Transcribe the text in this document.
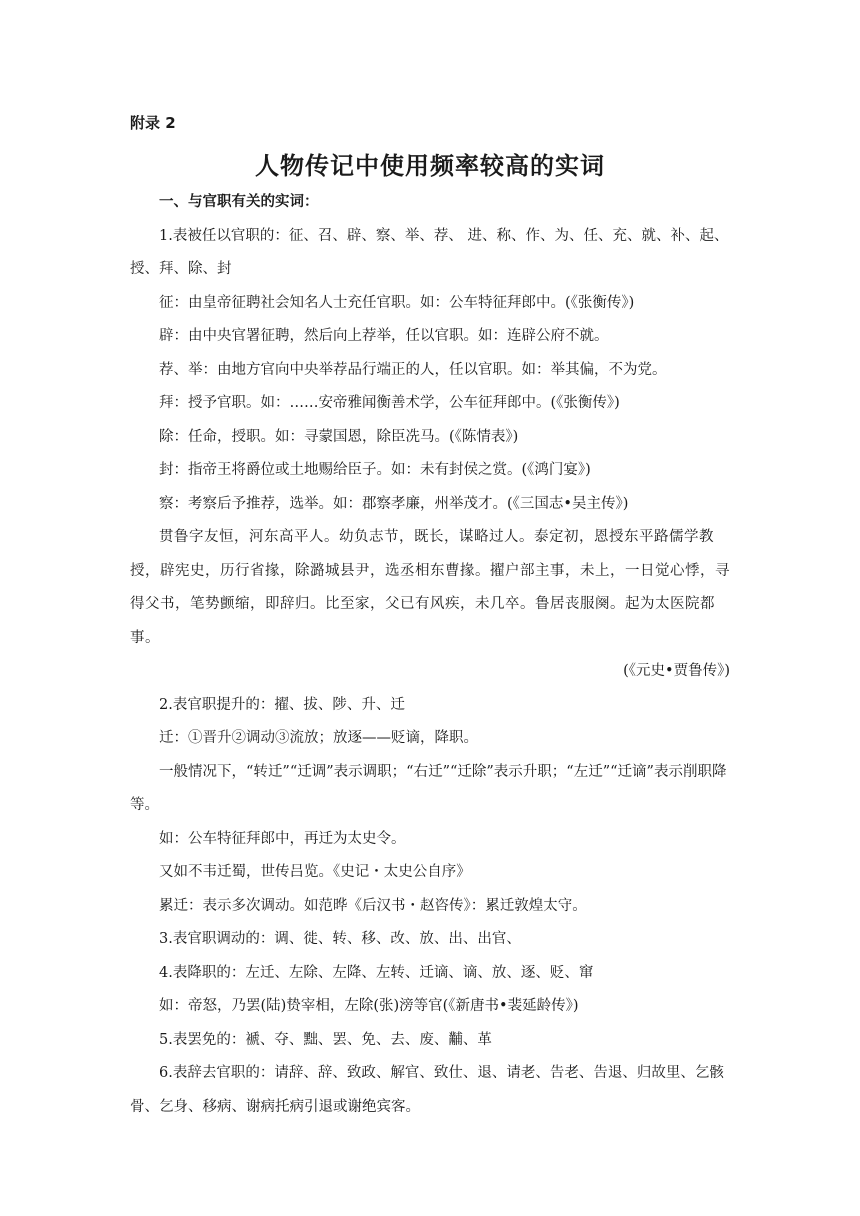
附录 2
人物传记中使用频率较高的实词

一、与官职有关的实词：

1.表被任以官职的：征、召、辟、察、举、荐、 进、称、作、为、任、充、就、补、起、授、拜、除、封

征：由皇帝征聘社会知名人士充任官职。如：公车特征拜郎中。(《张衡传》)

辟：由中央官署征聘，然后向上荐举，任以官职。如：连辟公府不就。

荐、举：由地方官向中央举荐品行端正的人，任以官职。如：举其偏，不为党。

拜：授予官职。如：……安帝雅闻衡善术学，公车征拜郎中。(《张衡传》)

除：任命，授职。如：寻蒙国恩，除臣冼马。(《陈情表》)

封：指帝王将爵位或土地赐给臣子。如：未有封侯之赏。(《鸿门宴》)

察：考察后予推荐，选举。如：郡察孝廉，州举茂才。(《三国志•吴主传》)

贯鲁字友恒，河东高平人。幼负志节，既长，谋略过人。泰定初，恩授东平路儒学教授，辟宪史，历行省掾，除潞城县尹，选丞相东曹掾。擢户部主事，未上，一日觉心悸，寻得父书，笔势颤缩，即辞归。比至家，父已有风疾，未几卒。鲁居丧服阕。起为太医院都事。

(《元史•贾鲁传》)

2.表官职提升的：擢、拔、陟、升、迁

迁：①晋升②调动③流放；放逐——贬谪，降职。

一般情况下，“转迁”“迁调”表示调职；“右迁”“迁除”表示升职；“左迁”“迁谪”表示削职降等。

如：公车特征拜郎中，再迁为太史令。

又如不韦迁蜀，世传吕览。《史记・太史公自序》

累迁：表示多次调动。如范晔《后汉书・赵咨传》：累迁敦煌太守。

3.表官职调动的：调、徙、转、移、改、放、出、出官、

4.表降职的：左迁、左除、左降、左转、迁谪、谪、放、逐、贬、窜

如：帝怒，乃罢(陆)贽宰相，左除(张)滂等官(《新唐书•裴延龄传》)

5.表罢免的：褫、夺、黜、罢、免、去、废、黼、革

6.表辞去官职的：请辞、辞、致政、解官、致仕、退、请老、告老、告退、归故里、乞骸骨、乞身、移病、谢病托病引退或谢绝宾客。
